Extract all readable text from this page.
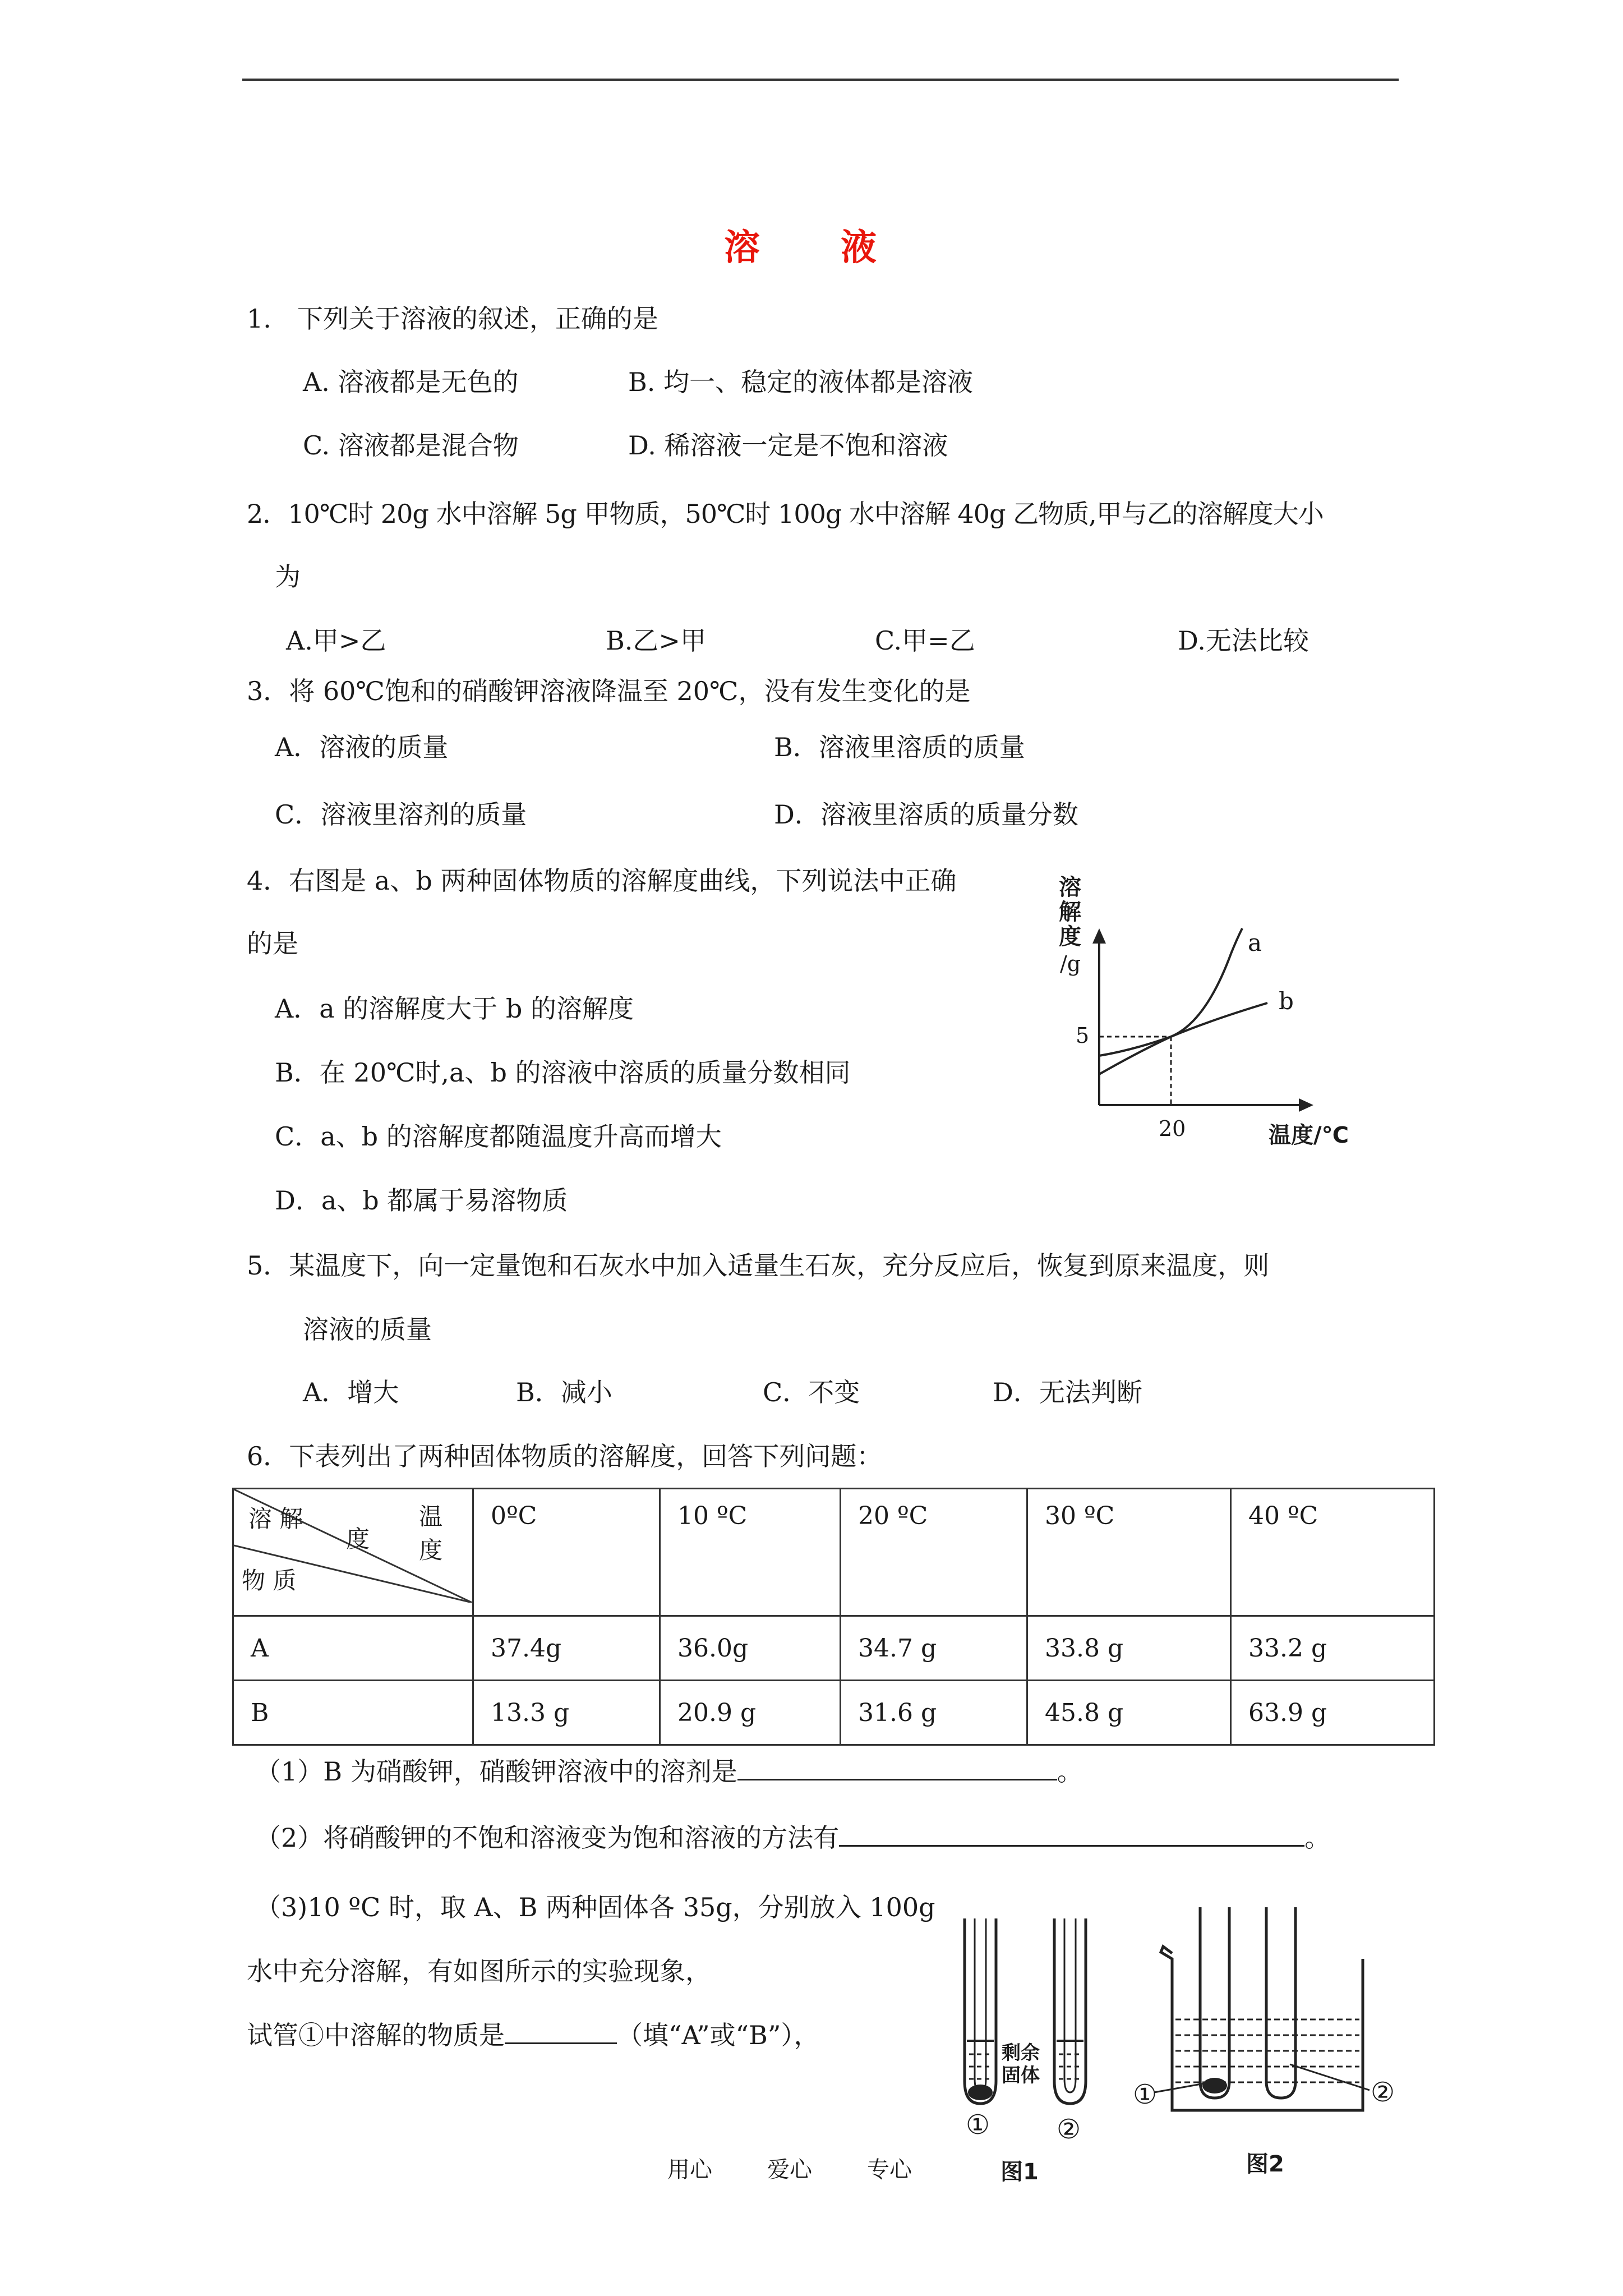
溶　液
1.　下列关于溶液的叙述，正确的是
A. 溶液都是无色的	B. 均一、稳定的液体都是溶液
C. 溶液都是混合物	D. 稀溶液一定是不饱和溶液
2．10℃时 20g 水中溶解 5g 甲物质，50℃时 100g 水中溶解 40g 乙物质,甲与乙的溶解度大小
为
A.甲>乙	B.乙>甲	C.甲=乙	D.无法比较
3．将 60℃饱和的硝酸钾溶液降温至 20℃，没有发生变化的是
A．溶液的质量	B．溶液里溶质的质量
C．溶液里溶剂的质量	D．溶液里溶质的质量分数
4．右图是 a、b 两种固体物质的溶解度曲线，下列说法中正确
的是
A．a 的溶解度大于 b 的溶解度
B．在 20℃时,a、b 的溶液中溶质的质量分数相同
C．a、b 的溶解度都随温度升高而增大
D．a、b 都属于易溶物质
溶
解
度
/g
5
20	温度/℃
a
b
5．某温度下，向一定量饱和石灰水中加入适量生石灰，充分反应后，恢复到原来温度，则
溶液的质量
A．增大	B．减小	C．不变	D．无法判断
6．下表列出了两种固体物质的溶解度，回答下列问题：
温 度
度
溶 解
物 质	0ºC	10 ºC	20 ºC	30 ºC	40 ºC
A	37.4g	36.0g	34.7 g	33.8 g	33.2 g
B	13.3 g	20.9 g	31.6 g	45.8 g	63.9 g
（1）B 为硝酸钾，硝酸钾溶液中的溶剂是	。
（2）将硝酸钾的不饱和溶液变为饱和溶液的方法有	。
（3)10 ºC 时，取 A、B 两种固体各 35g，分别放入 100g
水中充分溶解，有如图所示的实验现象，
试管①中溶解的物质是	（填“A”或“B”），
剩余固体
① ②
①	②
用心 爱心 专心	图1	图2
